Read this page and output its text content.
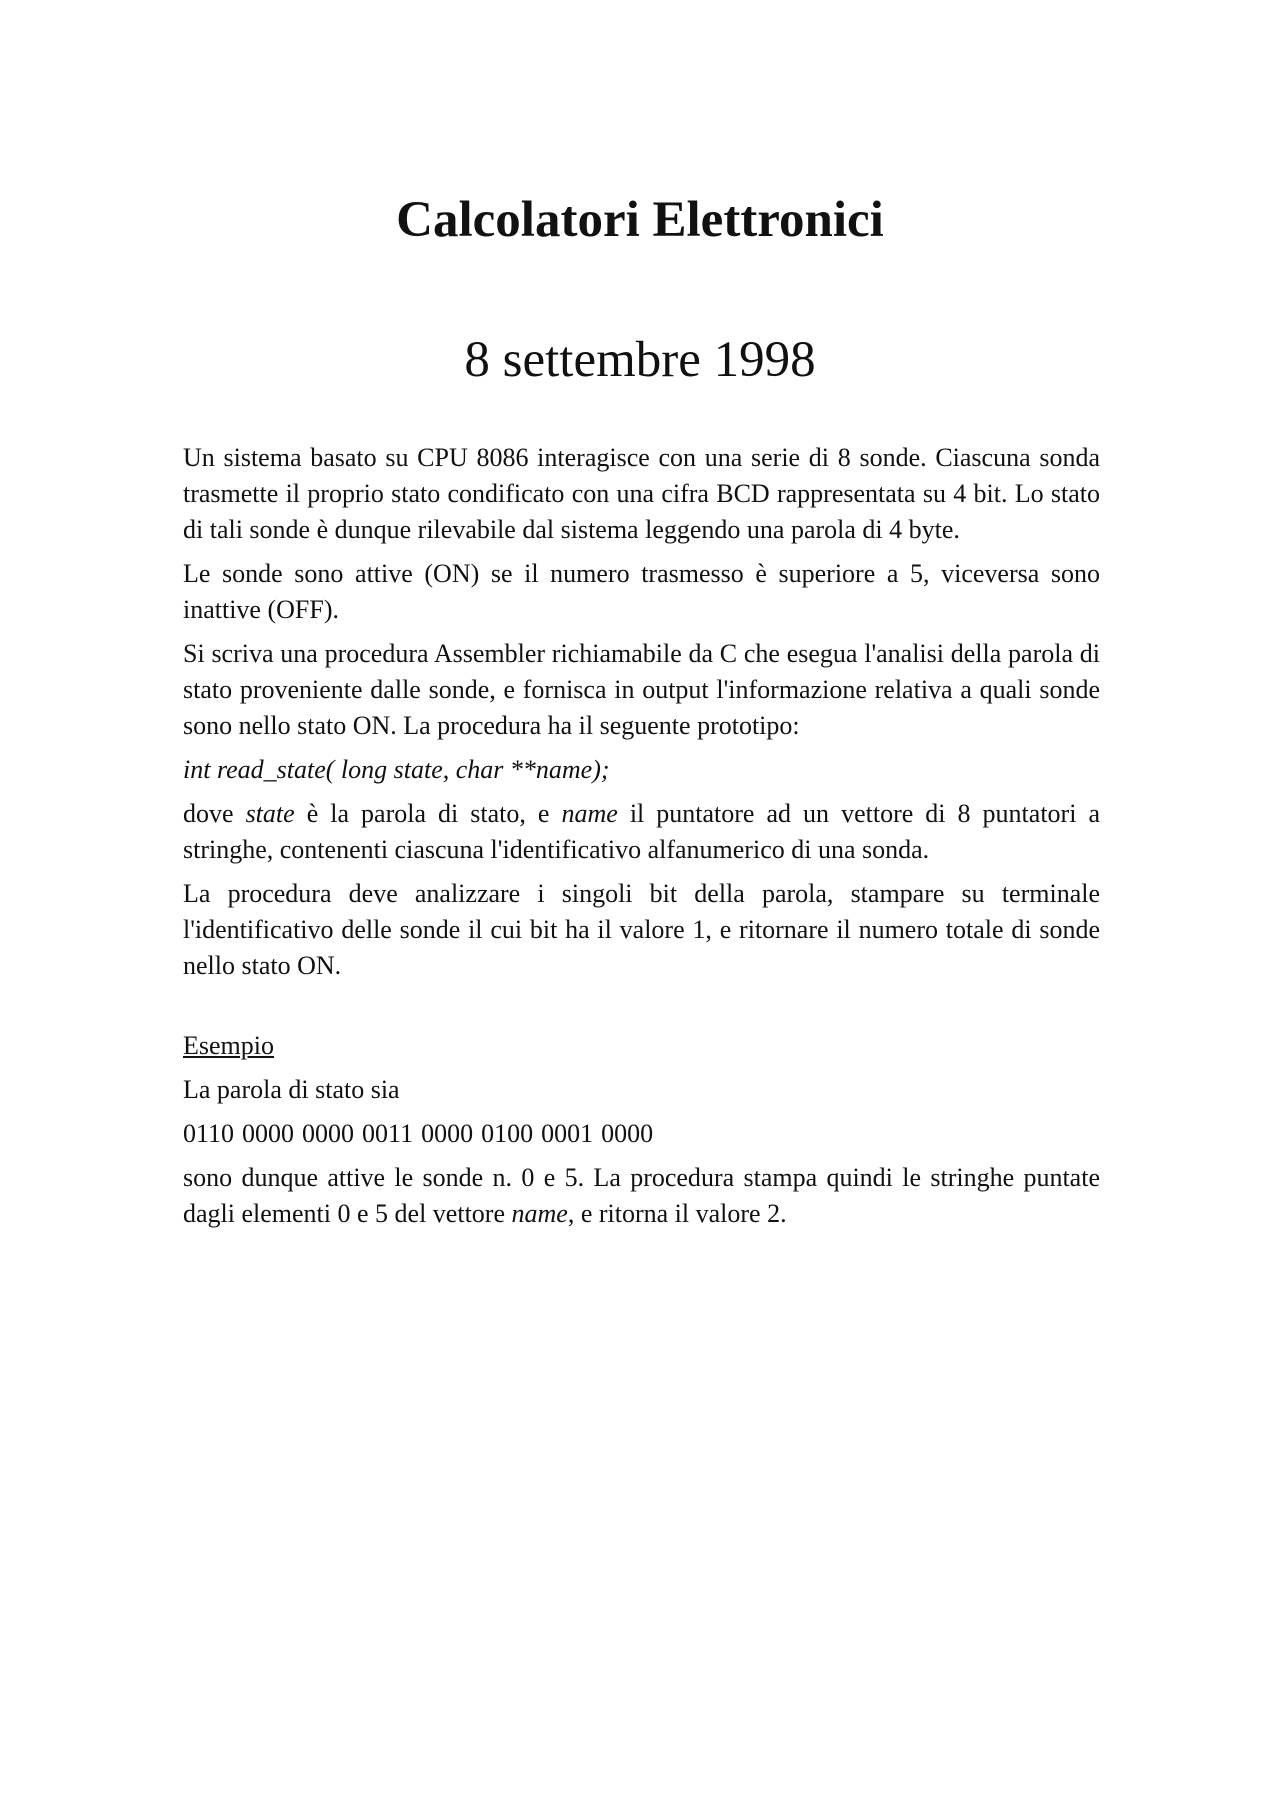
Calcolatori Elettronici
8 settembre 1998

Un sistema basato su CPU 8086 interagisce con una serie di 8 sonde. Ciascuna sonda trasmette il proprio stato condificato con una cifra BCD rappresentata su 4 bit. Lo stato di tali sonde è dunque rilevabile dal sistema leggendo una parola di 4 byte.

Le sonde sono attive (ON) se il numero trasmesso è superiore a 5, viceversa sono inattive (OFF).

Si scriva una procedura Assembler richiamabile da C che esegua l'analisi della parola di stato proveniente dalle sonde, e fornisca in output l'informazione relativa a quali sonde sono nello stato ON. La procedura ha il seguente prototipo:

int read_state( long state, char **name);

dove state è la parola di stato, e name il puntatore ad un vettore di 8 puntatori a stringhe, contenenti ciascuna l'identificativo alfanumerico di una sonda.

La procedura deve analizzare i singoli bit della parola, stampare su terminale l'identificativo delle sonde il cui bit ha il valore 1, e ritornare il numero totale di sonde nello stato ON.

Esempio

La parola di stato sia

0110 0000 0000 0011 0000 0100 0001 0000

sono dunque attive le sonde n. 0 e 5. La procedura stampa quindi le stringhe puntate dagli elementi 0 e 5 del vettore name, e ritorna il valore 2.
